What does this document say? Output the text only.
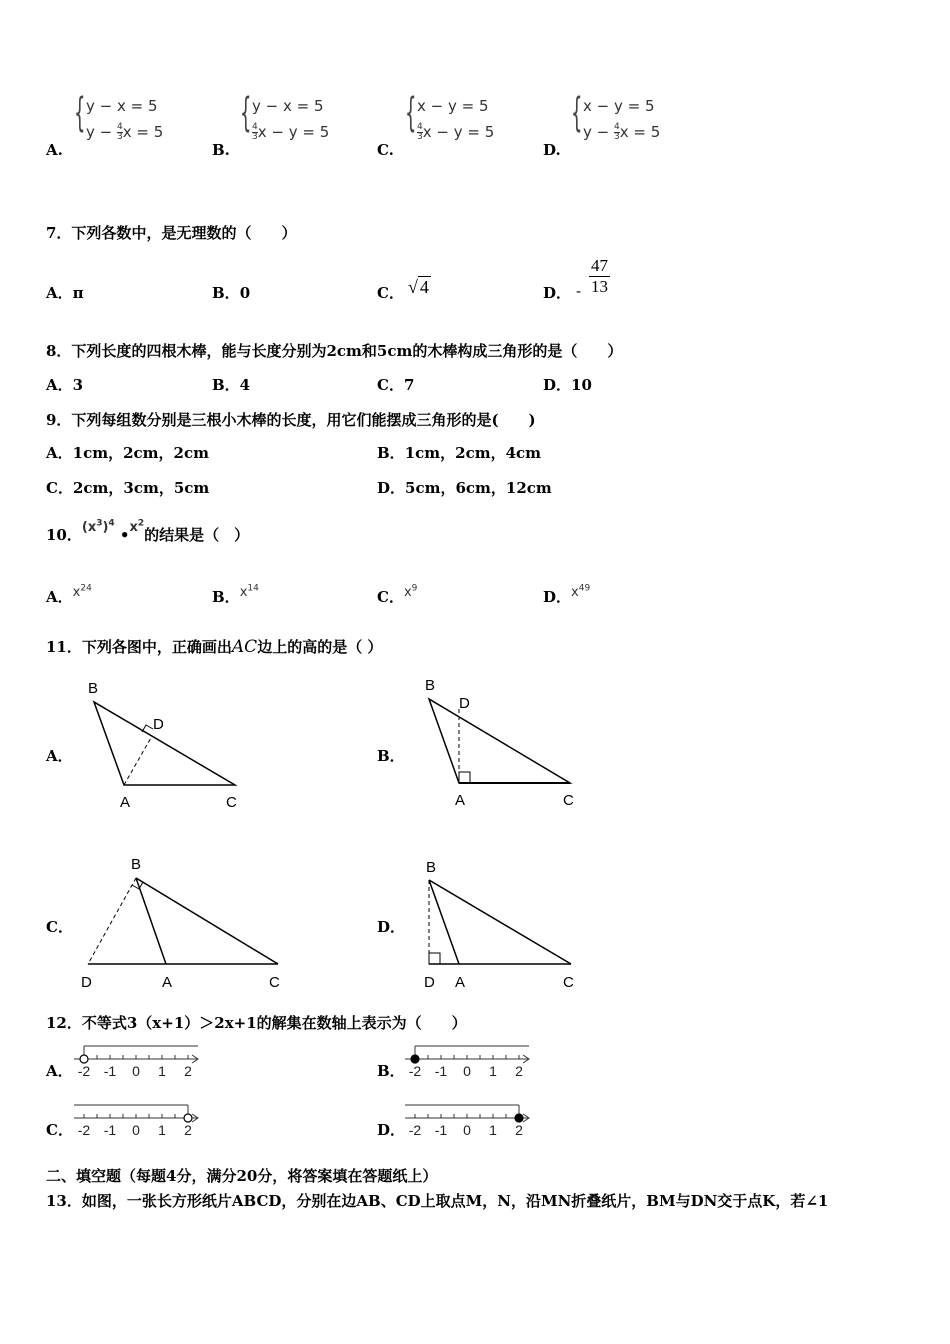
A.
{ y − x = 5
$y - \frac{4}{3}$ x = 5
B.
{ y − x = 5
$\frac{4}{3}$ x − y = 5
C.
{ x − y = 5
$\frac{4}{3}$ x − y = 5
D.
{ x − y = 5
$y - \frac{4}{3}$ x = 5
7．下列各数中，是无理数的（　　）
A．π	B．0	C． √ 4	D． -
47
13
8．下列长度的四根木棒，能与长度分别为2cm和5cm的木棒构成三角形的是（　　）
A．3	B．4	C．7	D．10
9．下列每组数分别是三根小木棒的长度，用它们能摆成三角形的是(　　)
A．1cm，2cm，2cm	B．1cm，2cm，4cm
C．2cm，3cm，5cm	D．5cm，6cm，12cm
10．$(x^3)^4$ $•x^2$的结果是（　）
A．$x^{24}$	B．$x^{14}$	C．$x^9$	D．$x^{49}$
11．下列各图中，正确画出AC边上的高的是（ ）
A．
B
D
A	C
B．
B
D
A	C
C．
B
D	A	C
D．
B
D A	C
12．不等式3（x+1）＞2x+1的解集在数轴上表示为（　　）
A． -2 -1 0 1 2	B． -2 -1 0 1 2
C． -2 -1 0 1 2	D． -2 -1 0 1 2
二、填空题（每题4分，满分20分，将答案填在答题纸上）
13．如图，一张长方形纸片ABCD，分别在边AB、CD上取点M，N，沿MN折叠纸片，BM与DN交于点K，若∠1
